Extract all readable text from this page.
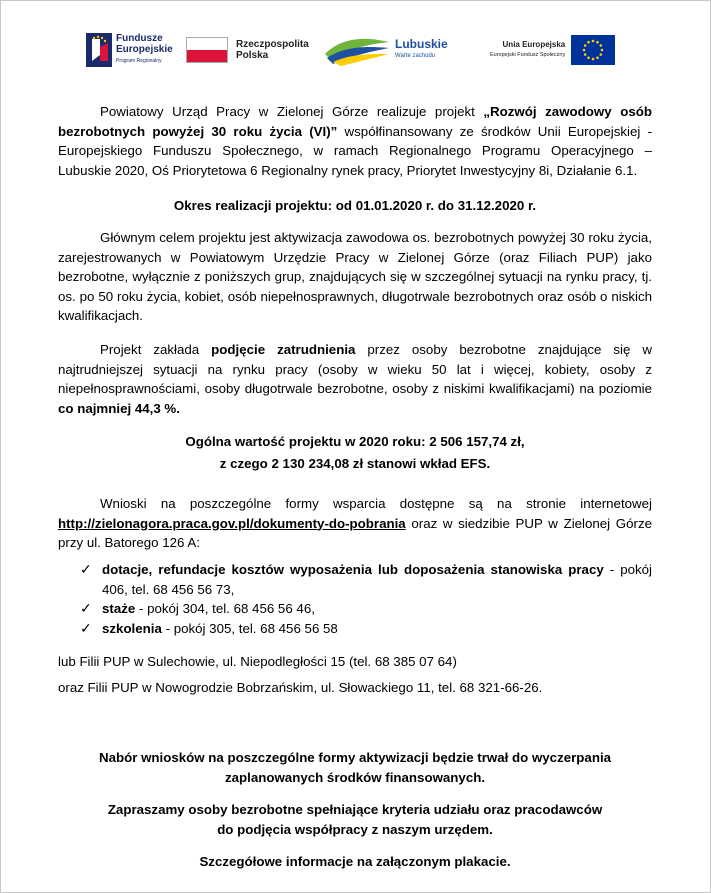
Fundusze
Europejskie
Program Regionalny
Rzeczpospolita
Polska
Lubuskie
Warte zachodu
Unia Europejska
Europejski Fundusz Społeczny

Powiatowy Urząd Pracy w Zielonej Górze realizuje projekt „Rozwój zawodowy osób bezrobotnych powyżej 30 roku życia (VI)” współfinansowany ze środków Unii Europejskiej - Europejskiego Funduszu Społecznego, w ramach Regionalnego Programu Operacyjnego – Lubuskie 2020, Oś Priorytetowa 6 Regionalny rynek pracy, Priorytet Inwestycyjny 8i, Działanie 6.1.

Okres realizacji projektu: od 01.01.2020 r. do 31.12.2020 r.

Głównym celem projektu jest aktywizacja zawodowa os. bezrobotnych powyżej 30 roku życia, zarejestrowanych w Powiatowym Urzędzie Pracy w Zielonej Górze (oraz Filiach PUP) jako bezrobotne, wyłącznie z poniższych grup, znajdujących się w szczególnej sytuacji na rynku pracy, tj. os. po 50 roku życia, kobiet, osób niepełnosprawnych, długotrwale bezrobotnych oraz osób o niskich kwalifikacjach.

Projekt zakłada podjęcie zatrudnienia przez osoby bezrobotne znajdujące się w najtrudniejszej sytuacji na rynku pracy (osoby w wieku 50 lat i więcej, kobiety, osoby z niepełnosprawnościami, osoby długotrwale bezrobotne, osoby z niskimi kwalifikacjami) na poziomie co najmniej 44,3 %.

Ogólna wartość projektu w 2020 roku: 2 506 157,74 zł,

z czego 2 130 234,08 zł stanowi wkład EFS.

Wnioski na poszczególne formy wsparcia dostępne są na stronie internetowej http://zielonagora.praca.gov.pl/dokumenty-do-pobrania oraz w siedzibie PUP w Zielonej Górze przy ul. Batorego 126 A:

✓ dotacje, refundacje kosztów wyposażenia lub doposażenia stanowiska pracy - pokój 406, tel. 68 456 56 73,
✓ staże - pokój 304, tel. 68 456 56 46,
✓ szkolenia - pokój 305, tel. 68 456 56 58

lub Filii PUP w Sulechowie, ul. Niepodległości 15 (tel. 68 385 07 64)

oraz Filii PUP w Nowogrodzie Bobrzańskim, ul. Słowackiego 11, tel. 68 321-66-26.

Nabór wniosków na poszczególne formy aktywizacji będzie trwał do wyczerpania

zaplanowanych środków finansowanych.

Zapraszamy osoby bezrobotne spełniające kryteria udziału oraz pracodawców

do podjęcia współpracy z naszym urzędem.

Szczegółowe informacje na załączonym plakacie.
